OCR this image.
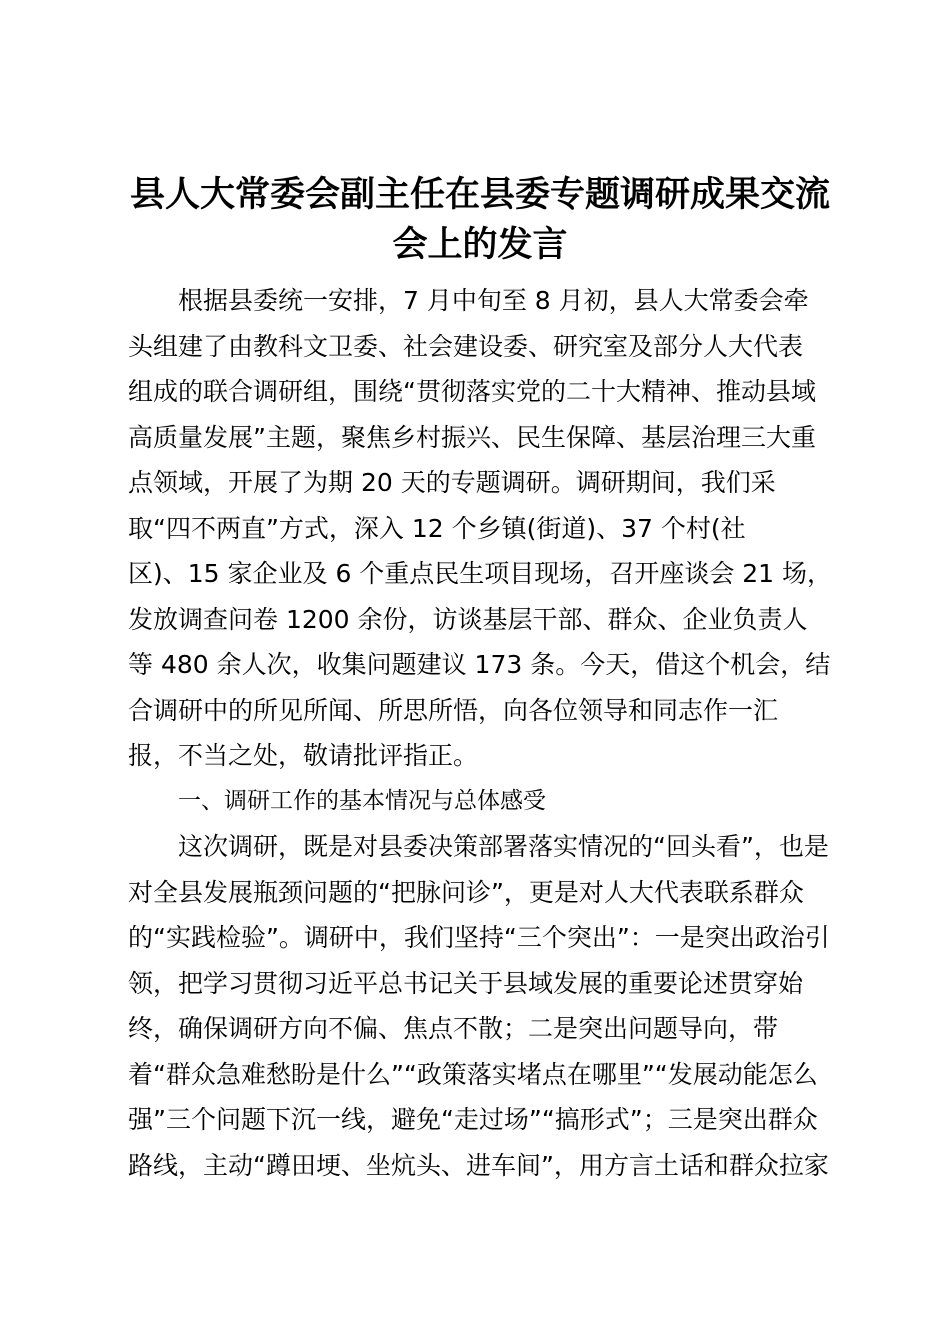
县人大常委会副主任在县委专题调研成果交流
会上的发言
根据县委统一安排，7 月中旬至 8 月初，县人大常委会牵
头组建了由教科文卫委、社会建设委、研究室及部分人大代表
组成的联合调研组，围绕“贯彻落实党的二十大精神、推动县域
高质量发展”主题，聚焦乡村振兴、民生保障、基层治理三大重
点领域，开展了为期 20 天的专题调研。调研期间，我们采
取“四不两直”方式，深入 12 个乡镇(街道)、37 个村(社
区)、15 家企业及 6 个重点民生项目现场，召开座谈会 21 场，
发放调查问卷 1200 余份，访谈基层干部、群众、企业负责人
等 480 余人次，收集问题建议 173 条。今天，借这个机会，结
合调研中的所见所闻、所思所悟，向各位领导和同志作一汇
报，不当之处，敬请批评指正。
一、调研工作的基本情况与总体感受
这次调研，既是对县委决策部署落实情况的“回头看”，也是
对全县发展瓶颈问题的“把脉问诊”，更是对人大代表联系群众
的“实践检验”。调研中，我们坚持“三个突出”：一是突出政治引
领，把学习贯彻习近平总书记关于县域发展的重要论述贯穿始
终，确保调研方向不偏、焦点不散；二是突出问题导向，带
着“群众急难愁盼是什么”“政策落实堵点在哪里”“发展动能怎么
强”三个问题下沉一线，避免“走过场”“搞形式”；三是突出群众
路线，主动“蹲田埂、坐炕头、进车间”，用方言土话和群众拉家
